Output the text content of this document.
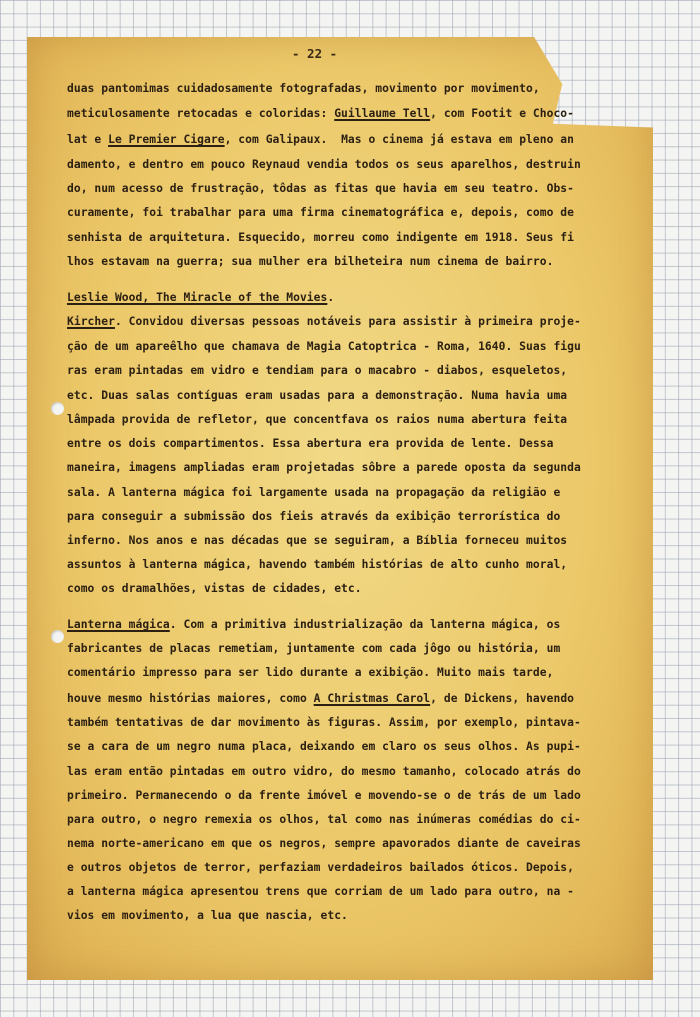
- 22 -
duas pantomimas cuidadosamente fotografadas, movimento por movimento,
meticulosamente retocadas e coloridas: Guillaume Tell, com Footit e Choco-
lat e Le Premier Cigare, com Galipaux.  Mas o cinema já estava em pleno an
damento, e dentro em pouco Reynaud vendia todos os seus aparelhos, destruin
do, num acesso de frustração, tôdas as fitas que havia em seu teatro. Obs-
curamente, foi trabalhar para uma firma cinematográfica e, depois, como de
senhista de arquitetura. Esquecido, morreu como indigente em 1918. Seus fi
lhos estavam na guerra; sua mulher era bilheteira num cinema de bairro.
Leslie Wood, The Miracle of the Movies.
Kircher. Convidou diversas pessoas notáveis para assistir à primeira proje-
ção de um apareêlho que chamava de Magia Catoptrica - Roma, 1640. Suas figu
ras eram pintadas em vidro e tendiam para o macabro - diabos, esqueletos,
etc. Duas salas contíguas eram usadas para a demonstração. Numa havia uma
lâmpada provida de refletor, que concentfava os raios numa abertura feita
entre os dois compartimentos. Essa abertura era provida de lente. Dessa
maneira, imagens ampliadas eram projetadas sôbre a parede oposta da segunda
sala. A lanterna mágica foi largamente usada na propagação da religião e
para conseguir a submissão dos fieis através da exibição terrorística do
inferno. Nos anos e nas décadas que se seguiram, a Bíblia forneceu muitos
assuntos à lanterna mágica, havendo também histórias de alto cunho moral,
como os dramalhões, vistas de cidades, etc.
Lanterna mágica. Com a primitiva industrialização da lanterna mágica, os
fabricantes de placas remetiam, juntamente com cada jôgo ou história, um
comentário impresso para ser lido durante a exibição. Muito mais tarde,
houve mesmo histórias maiores, como A Christmas Carol, de Dickens, havendo
também tentativas de dar movimento às figuras. Assim, por exemplo, pintava-
se a cara de um negro numa placa, deixando em claro os seus olhos. As pupi-
las eram então pintadas em outro vidro, do mesmo tamanho, colocado atrás do
primeiro. Permanecendo o da frente imóvel e movendo-se o de trás de um lado
para outro, o negro remexia os olhos, tal como nas inúmeras comédias do ci-
nema norte-americano em que os negros, sempre apavorados diante de caveiras
e outros objetos de terror, perfaziam verdadeiros bailados óticos. Depois,
a lanterna mágica apresentou trens que corriam de um lado para outro, na -
vios em movimento, a lua que nascia, etc.
